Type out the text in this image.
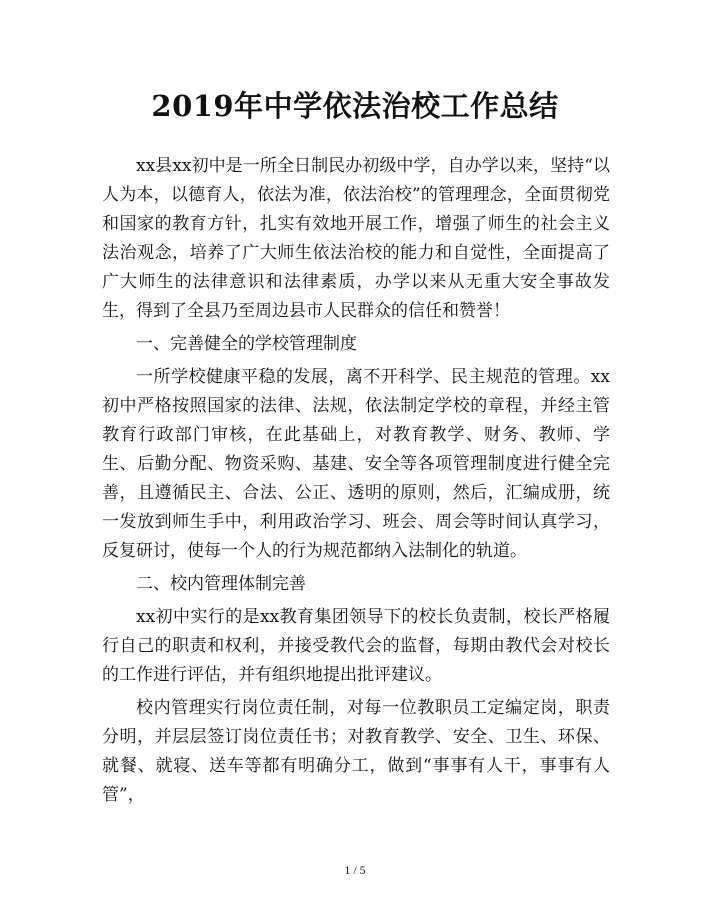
2019年中学依法治校工作总结

xx县xx初中是一所全日制民办初级中学，自办学以来，坚持“以人为本，以德育人，依法为准，依法治校”的管理理念，全面贯彻党和国家的教育方针，扎实有效地开展工作，增强了师生的社会主义法治观念，培养了广大师生依法治校的能力和自觉性，全面提高了广大师生的法律意识和法律素质，办学以来从无重大安全事故发生，得到了全县乃至周边县市人民群众的信任和赞誉！

一、完善健全的学校管理制度

一所学校健康平稳的发展，离不开科学、民主规范的管理。xx初中严格按照国家的法律、法规，依法制定学校的章程，并经主管教育行政部门审核，在此基础上，对教育教学、财务、教师、学生、后勤分配、物资采购、基建、安全等各项管理制度进行健全完善，且遵循民主、合法、公正、透明的原则，然后，汇编成册，统一发放到师生手中，利用政治学习、班会、周会等时间认真学习，反复研讨，使每一个人的行为规范都纳入法制化的轨道。

二、校内管理体制完善

xx初中实行的是xx教育集团领导下的校长负责制，校长严格履行自己的职责和权利，并接受教代会的监督，每期由教代会对校长的工作进行评估，并有组织地提出批评建议。

校内管理实行岗位责任制，对每一位教职员工定编定岗，职责分明，并层层签订岗位责任书；对教育教学、安全、卫生、环保、就餐、就寝、送车等都有明确分工，做到“事事有人干，事事有人管”，

1 / 5
